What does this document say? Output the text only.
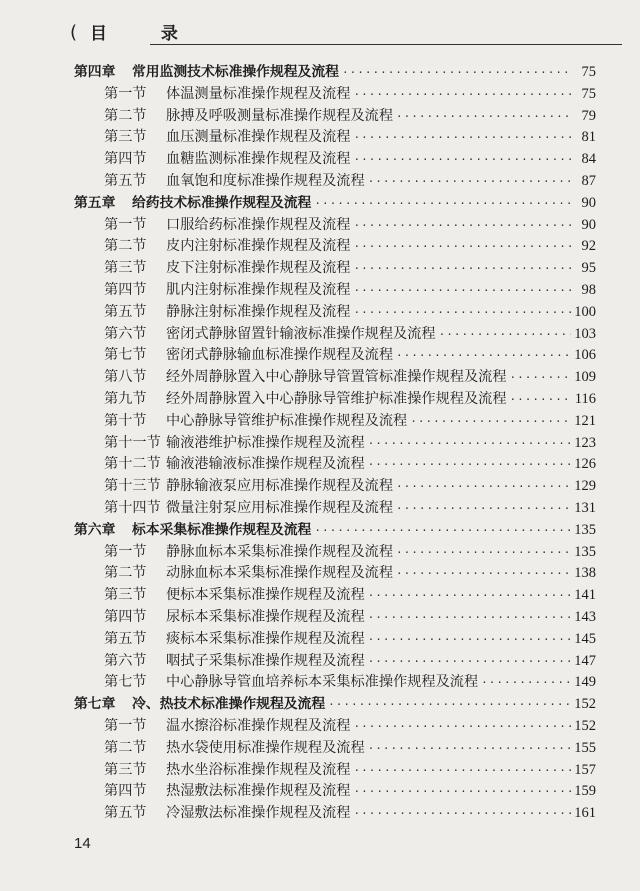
( 目 录
第四章	常用监测技术标准操作规程及流程 ·····	75
第一节	体温测量标准操作规程及流程 ·····	75
第二节	脉搏及呼吸测量标准操作规程及流程 ·····	79
第三节	血压测量标准操作规程及流程 ·····	81
第四节	血糖监测标准操作规程及流程 ·····	84
第五节	血氧饱和度标准操作规程及流程 ·····	87
第五章	给药技术标准操作规程及流程 ·····	90
第一节	口服给药标准操作规程及流程 ·····	90
第二节	皮内注射标准操作规程及流程 ·····	92
第三节	皮下注射标准操作规程及流程 ·····	95
第四节	肌内注射标准操作规程及流程 ·····	98
第五节	静脉注射标准操作规程及流程 ·····	100
第六节	密闭式静脉留置针输液标准操作规程及流程 ·····	103
第七节	密闭式静脉输血标准操作规程及流程 ·····	106
第八节	经外周静脉置入中心静脉导管置管标准操作规程及流程 ·····	109
第九节	经外周静脉置入中心静脉导管维护标准操作规程及流程 ·····	116
第十节	中心静脉导管维护标准操作规程及流程 ·····	121
第十一节 输液港维护标准操作规程及流程 ·····	123
第十二节 输液港输液标准操作规程及流程 ·····	126
第十三节 静脉输液泵应用标准操作规程及流程 ·····	129
第十四节 微量注射泵应用标准操作规程及流程 ·····	131
第六章	标本采集标准操作规程及流程 ·····	135
第一节	静脉血标本采集标准操作规程及流程 ·····	135
第二节	动脉血标本采集标准操作规程及流程 ·····	138
第三节	便标本采集标准操作规程及流程 ·····	141
第四节	尿标本采集标准操作规程及流程 ·····	143
第五节	痰标本采集标准操作规程及流程 ·····	145
第六节	咽拭子采集标准操作规程及流程 ·····	147
第七节	中心静脉导管血培养标本采集标准操作规程及流程 ·····	149
第七章	冷、热技术标准操作规程及流程 ·····	152
第一节	温水擦浴标准操作规程及流程 ·····	152
第二节	热水袋使用标准操作规程及流程 ·····	155
第三节	热水坐浴标准操作规程及流程 ·····	157
第四节	热湿敷法标准操作规程及流程 ·····	159
第五节	冷湿敷法标准操作规程及流程 ·····	161
14
